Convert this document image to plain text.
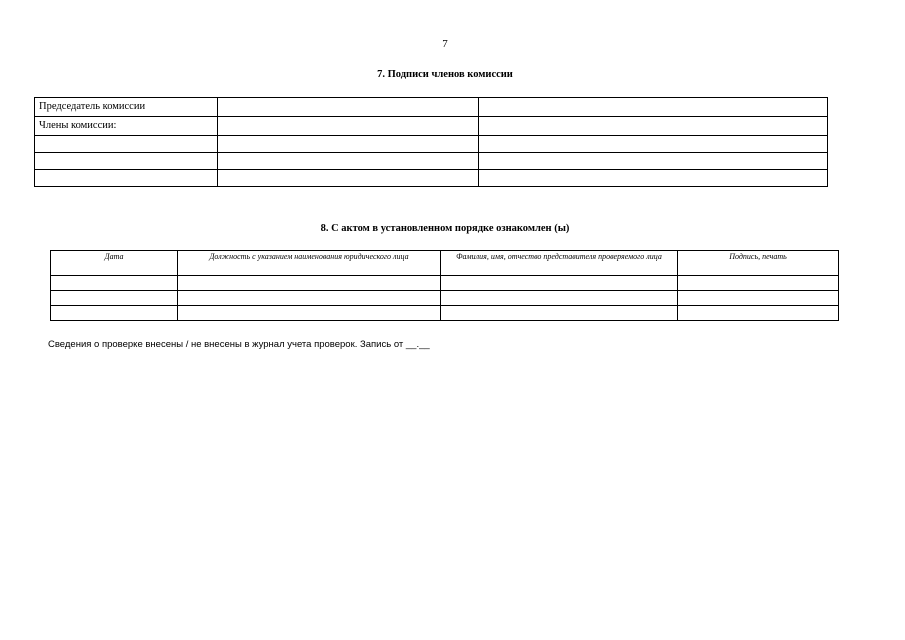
7
7. Подписи членов комиссии
Председатель комиссии		
Члены комиссии:		

8. С актом в установленном порядке ознакомлен (ы)
Дата	Должность с указанием наименования юридического лица	Фамилия, имя, отчество представителя проверяемого лица	Подпись, печать

Сведения о проверке внесены / не внесены в журнал учета проверок. Запись от __.__
